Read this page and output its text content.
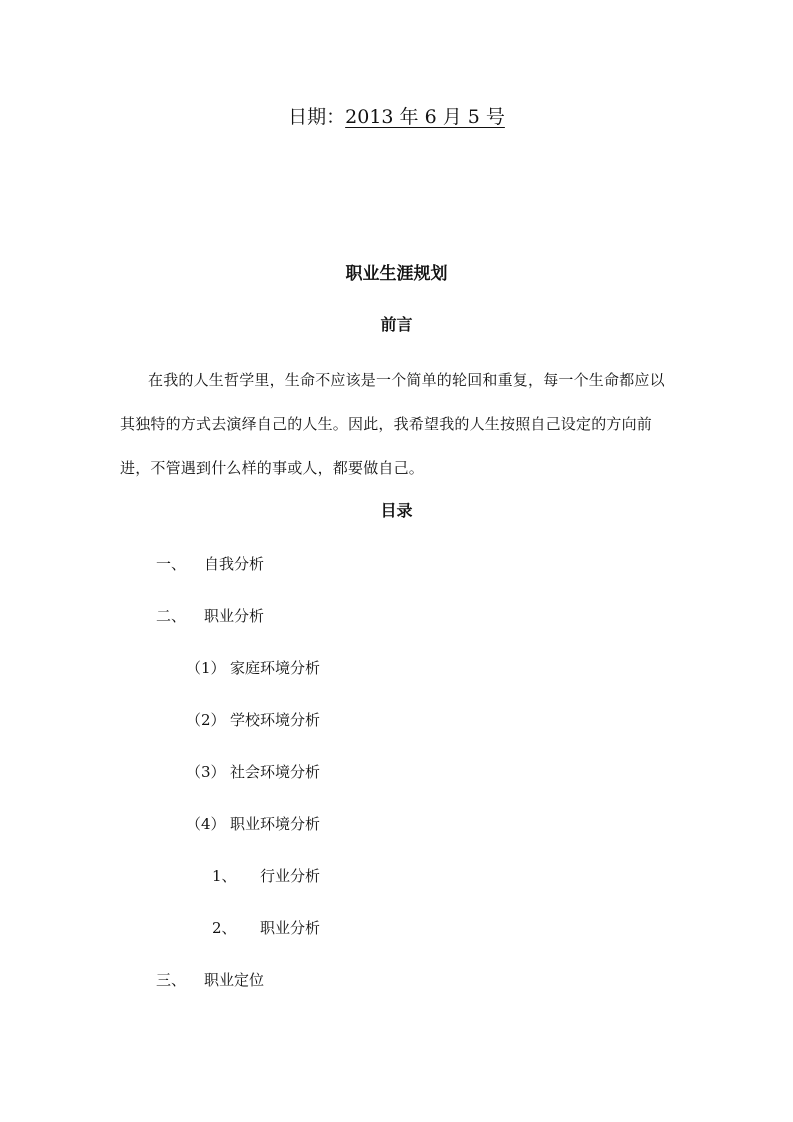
日期：2013 年 6 月 5 号
职业生涯规划
前言
在我的人生哲学里，生命不应该是一个简单的轮回和重复，每一个生命都应以其独特的方式去演绎自己的人生。因此，我希望我的人生按照自己设定的方向前进，不管遇到什么样的事或人，都要做自己。
目录
一、 自我分析
二、 职业分析
（1） 家庭环境分析
（2） 学校环境分析
（3） 社会环境分析
（4） 职业环境分析
1、 行业分析
2、 职业分析
三、 职业定位
